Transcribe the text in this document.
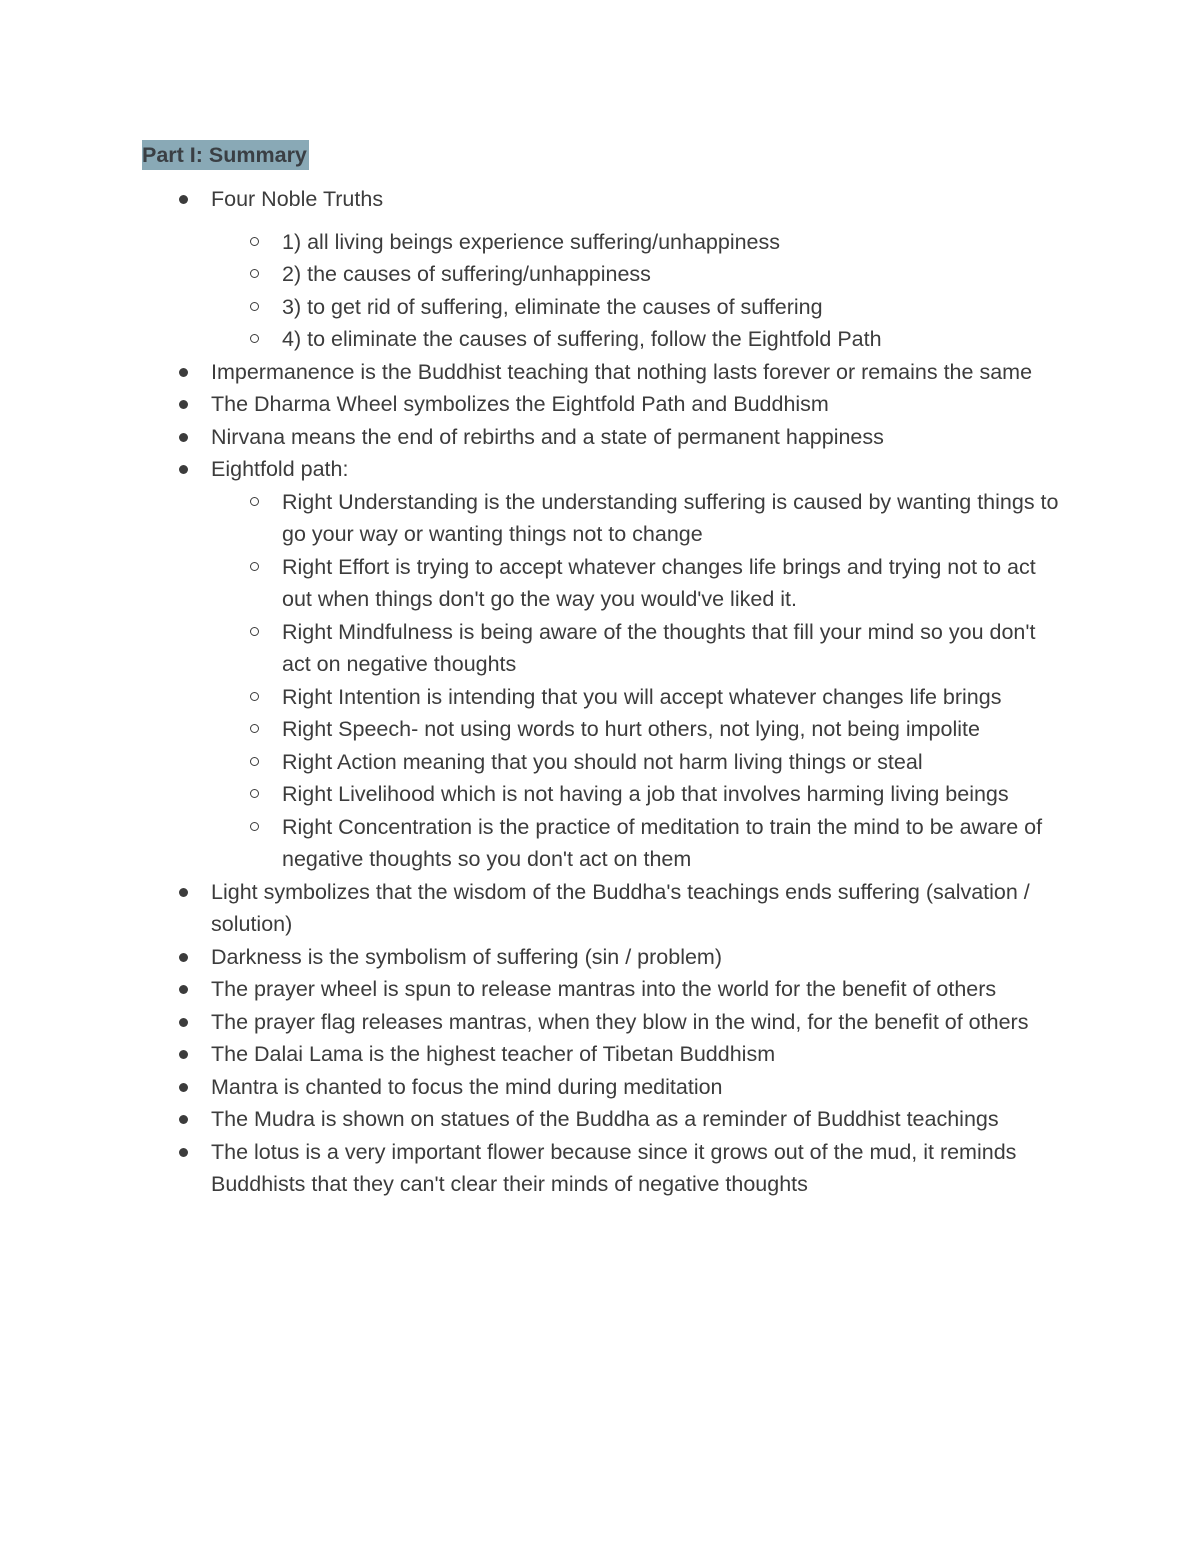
Part I: Summary
Four Noble Truths
1) all living beings experience suffering/unhappiness
2) the causes of suffering/unhappiness
3) to get rid of suffering, eliminate the causes of suffering
4) to eliminate the causes of suffering, follow the Eightfold Path
Impermanence is the Buddhist teaching that nothing lasts forever or remains the same
The Dharma Wheel symbolizes the Eightfold Path and Buddhism
Nirvana means the end of rebirths and a state of permanent happiness
Eightfold path:
Right Understanding is the understanding suffering is caused by wanting things to go your way or wanting things not to change
Right Effort is trying to accept whatever changes life brings and trying not to act out when things don't go the way you would've liked it.
Right Mindfulness is being aware of the thoughts that fill your mind so you don't act on negative thoughts
Right Intention is intending that you will accept whatever changes life brings
Right Speech- not using words to hurt others, not lying, not being impolite
Right Action meaning that you should not harm living things or steal
Right Livelihood which is not having a job that involves harming living beings
Right Concentration is the practice of meditation to train the mind to be aware of negative thoughts so you don't act on them
Light symbolizes that the wisdom of the Buddha's teachings ends suffering (salvation / solution)
Darkness is the symbolism of suffering (sin / problem)
The prayer wheel is spun to release mantras into the world for the benefit of others
The prayer flag releases mantras, when they blow in the wind, for the benefit of others
The Dalai Lama is the highest teacher of Tibetan Buddhism
Mantra is chanted to focus the mind during meditation
The Mudra is shown on statues of the Buddha as a reminder of Buddhist teachings
The lotus is a very important flower because since it grows out of the mud, it reminds Buddhists that they can't clear their minds of negative thoughts
